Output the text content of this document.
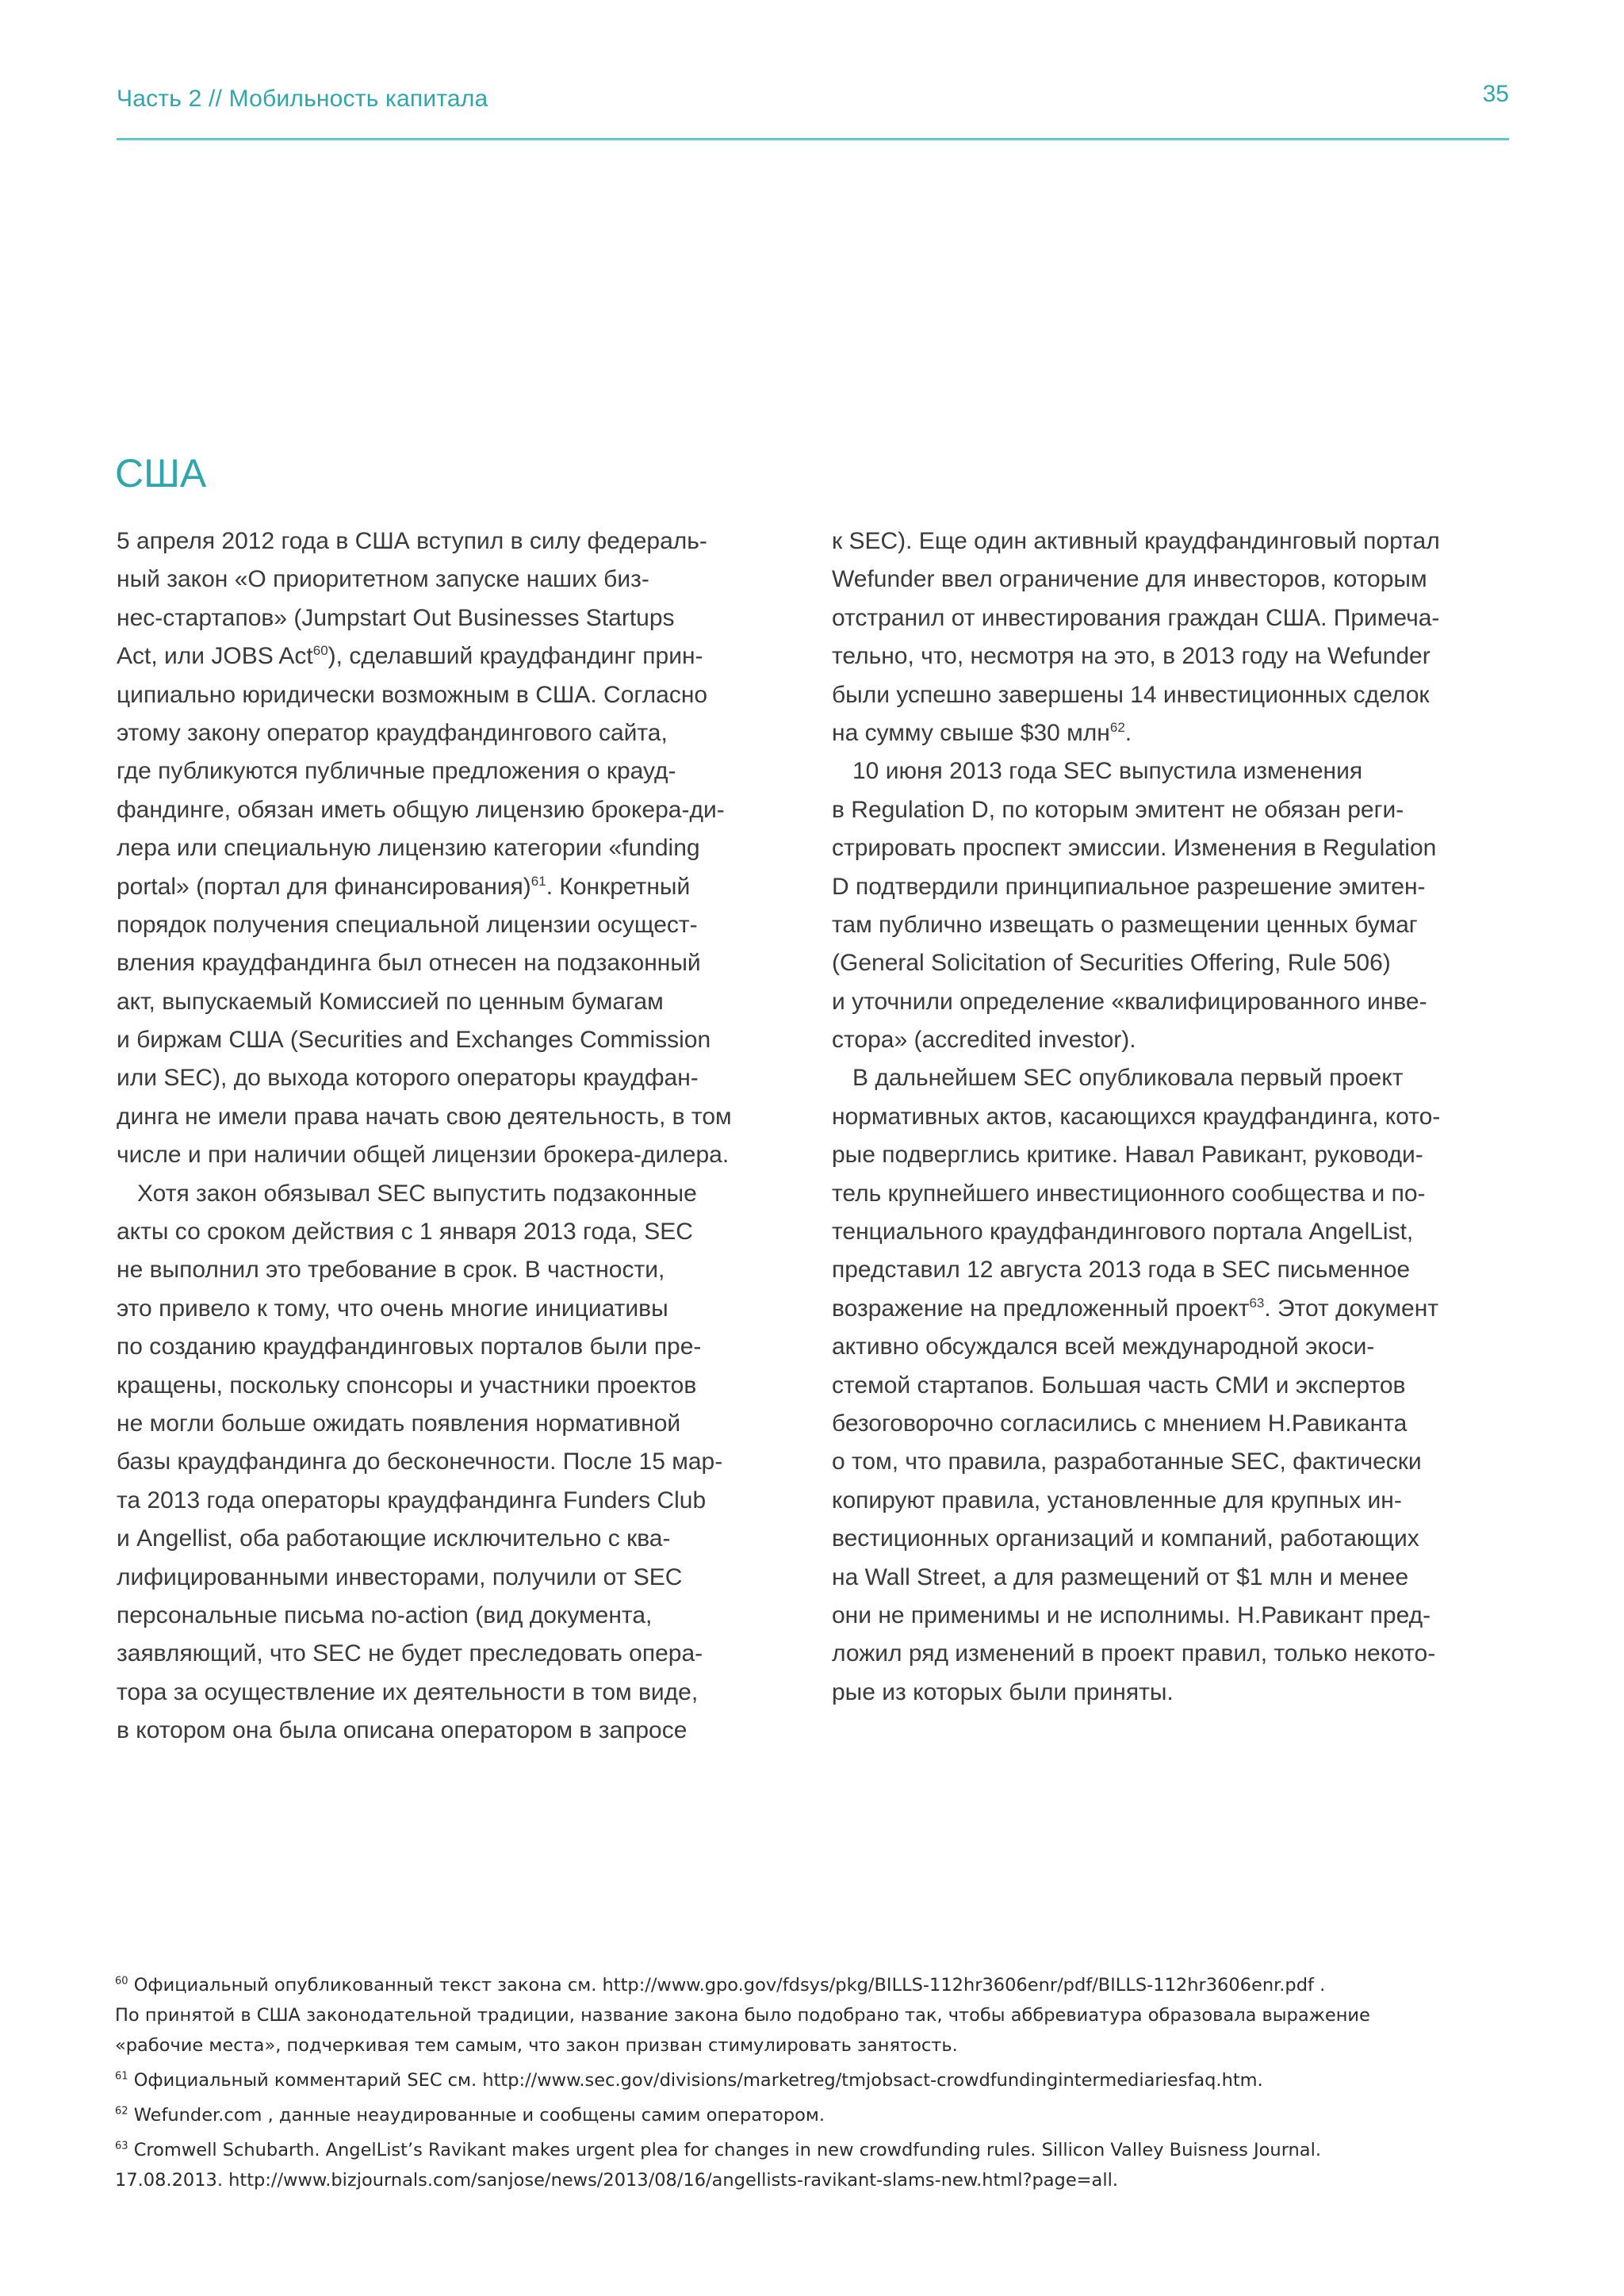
Часть 2 // Мобильность капитала	35
США
5 апреля 2012 года в США вступил в силу федераль-
ный закон «О приоритетном запуске наших биз-
нес-стартапов» (Jumpstart Out Businesses Startups
Act, или JOBS Act$^{60}$), сделавший краудфандинг прин-
ципиально юридически возможным в США. Согласно
этому закону оператор краудфандингового сайта,
где публикуются публичные предложения о крауд-
фандинге, обязан иметь общую лицензию брокера-ди-
лера или специальную лицензию категории «funding
portal» (портал для финансирования)$^{61}$. Конкретный
порядок получения специальной лицензии осущест-
вления краудфандинга был отнесен на подзаконный
акт, выпускаемый Комиссией по ценным бумагам
и биржам США (Securities and Exchanges Commission
или SEC), до выхода которого операторы краудфан-
динга не имели права начать свою деятельность, в том
числе и при наличии общей лицензии брокера-дилера.
Хотя закон обязывал SEC выпустить подзаконные
акты со сроком действия с 1 января 2013 года, SEC
не выполнил это требование в срок. В частности,
это привело к тому, что очень многие инициативы
по созданию краудфандинговых порталов были пре-
кращены, поскольку спонсоры и участники проектов
не могли больше ожидать появления нормативной
базы краудфандинга до бесконечности. После 15 мар-
та 2013 года операторы краудфандинга Funders Club
и Angellist, оба работающие исключительно с ква-
лифицированными инвесторами, получили от SEC
персональные письма no-action (вид документа,
заявляющий, что SEC не будет преследовать опера-
тора за осуществление их деятельности в том виде,
в котором она была описана оператором в запросе
к SEC). Еще один активный краудфандинговый портал
Wefunder ввел ограничение для инвесторов, которым
отстранил от инвестирования граждан США. Примеча-
тельно, что, несмотря на это, в 2013 году на Wefunder
были успешно завершены 14 инвестиционных сделок
на сумму свыше $30 млн$^{62}$.
10 июня 2013 года SEC выпустила изменения
в Regulation D, по которым эмитент не обязан реги-
стрировать проспект эмиссии. Изменения в Regulation
D подтвердили принципиальное разрешение эмитен-
там публично извещать о размещении ценных бумаг
(General Solicitation of Securities Offering, Rule 506)
и уточнили определение «квалифицированного инве-
стора» (accredited investor).
В дальнейшем SEC опубликовала первый проект
нормативных актов, касающихся краудфандинга, кото-
рые подверглись критике. Навал Равикант, руководи-
тель крупнейшего инвестиционного сообщества и по-
тенциального краудфандингового портала AngelList,
представил 12 августа 2013 года в SEC письменное
возражение на предложенный проект$^{63}$. Этот документ
активно обсуждался всей международной экоси-
стемой стартапов. Большая часть СМИ и экспертов
безоговорочно согласились с мнением Н.Равиканта
о том, что правила, разработанные SEC, фактически
копируют правила, установленные для крупных ин-
вестиционных организаций и компаний, работающих
на Wall Street, а для размещений от $1 млн и менее
они не применимы и не исполнимы. Н.Равикант пред-
ложил ряд изменений в проект правил, только некото-
рые из которых были приняты.
$^{60}$ Официальный опубликованный текст закона см. http://www.gpo.gov/fdsys/pkg/BILLS-112hr3606enr/pdf/BILLS-112hr3606enr.pdf .
По принятой в США законодательной традиции, название закона было подобрано так, чтобы аббревиатура образовала выражение
«рабочие места», подчеркивая тем самым, что закон призван стимулировать занятость.
$^{61}$ Официальный комментарий SEC см. http://www.sec.gov/divisions/marketreg/tmjobsact-crowdfundingintermediariesfaq.htm.
$^{62}$ Wefunder.com , данные неаудированные и сообщены самим оператором.
$^{63}$ Cromwell Schubarth. AngelList’s Ravikant makes urgent plea for changes in new crowdfunding rules. Sillicon Valley Buisness Journal.
17.08.2013. http://www.bizjournals.com/sanjose/news/2013/08/16/angellists-ravikant-slams-new.html?page=all.
